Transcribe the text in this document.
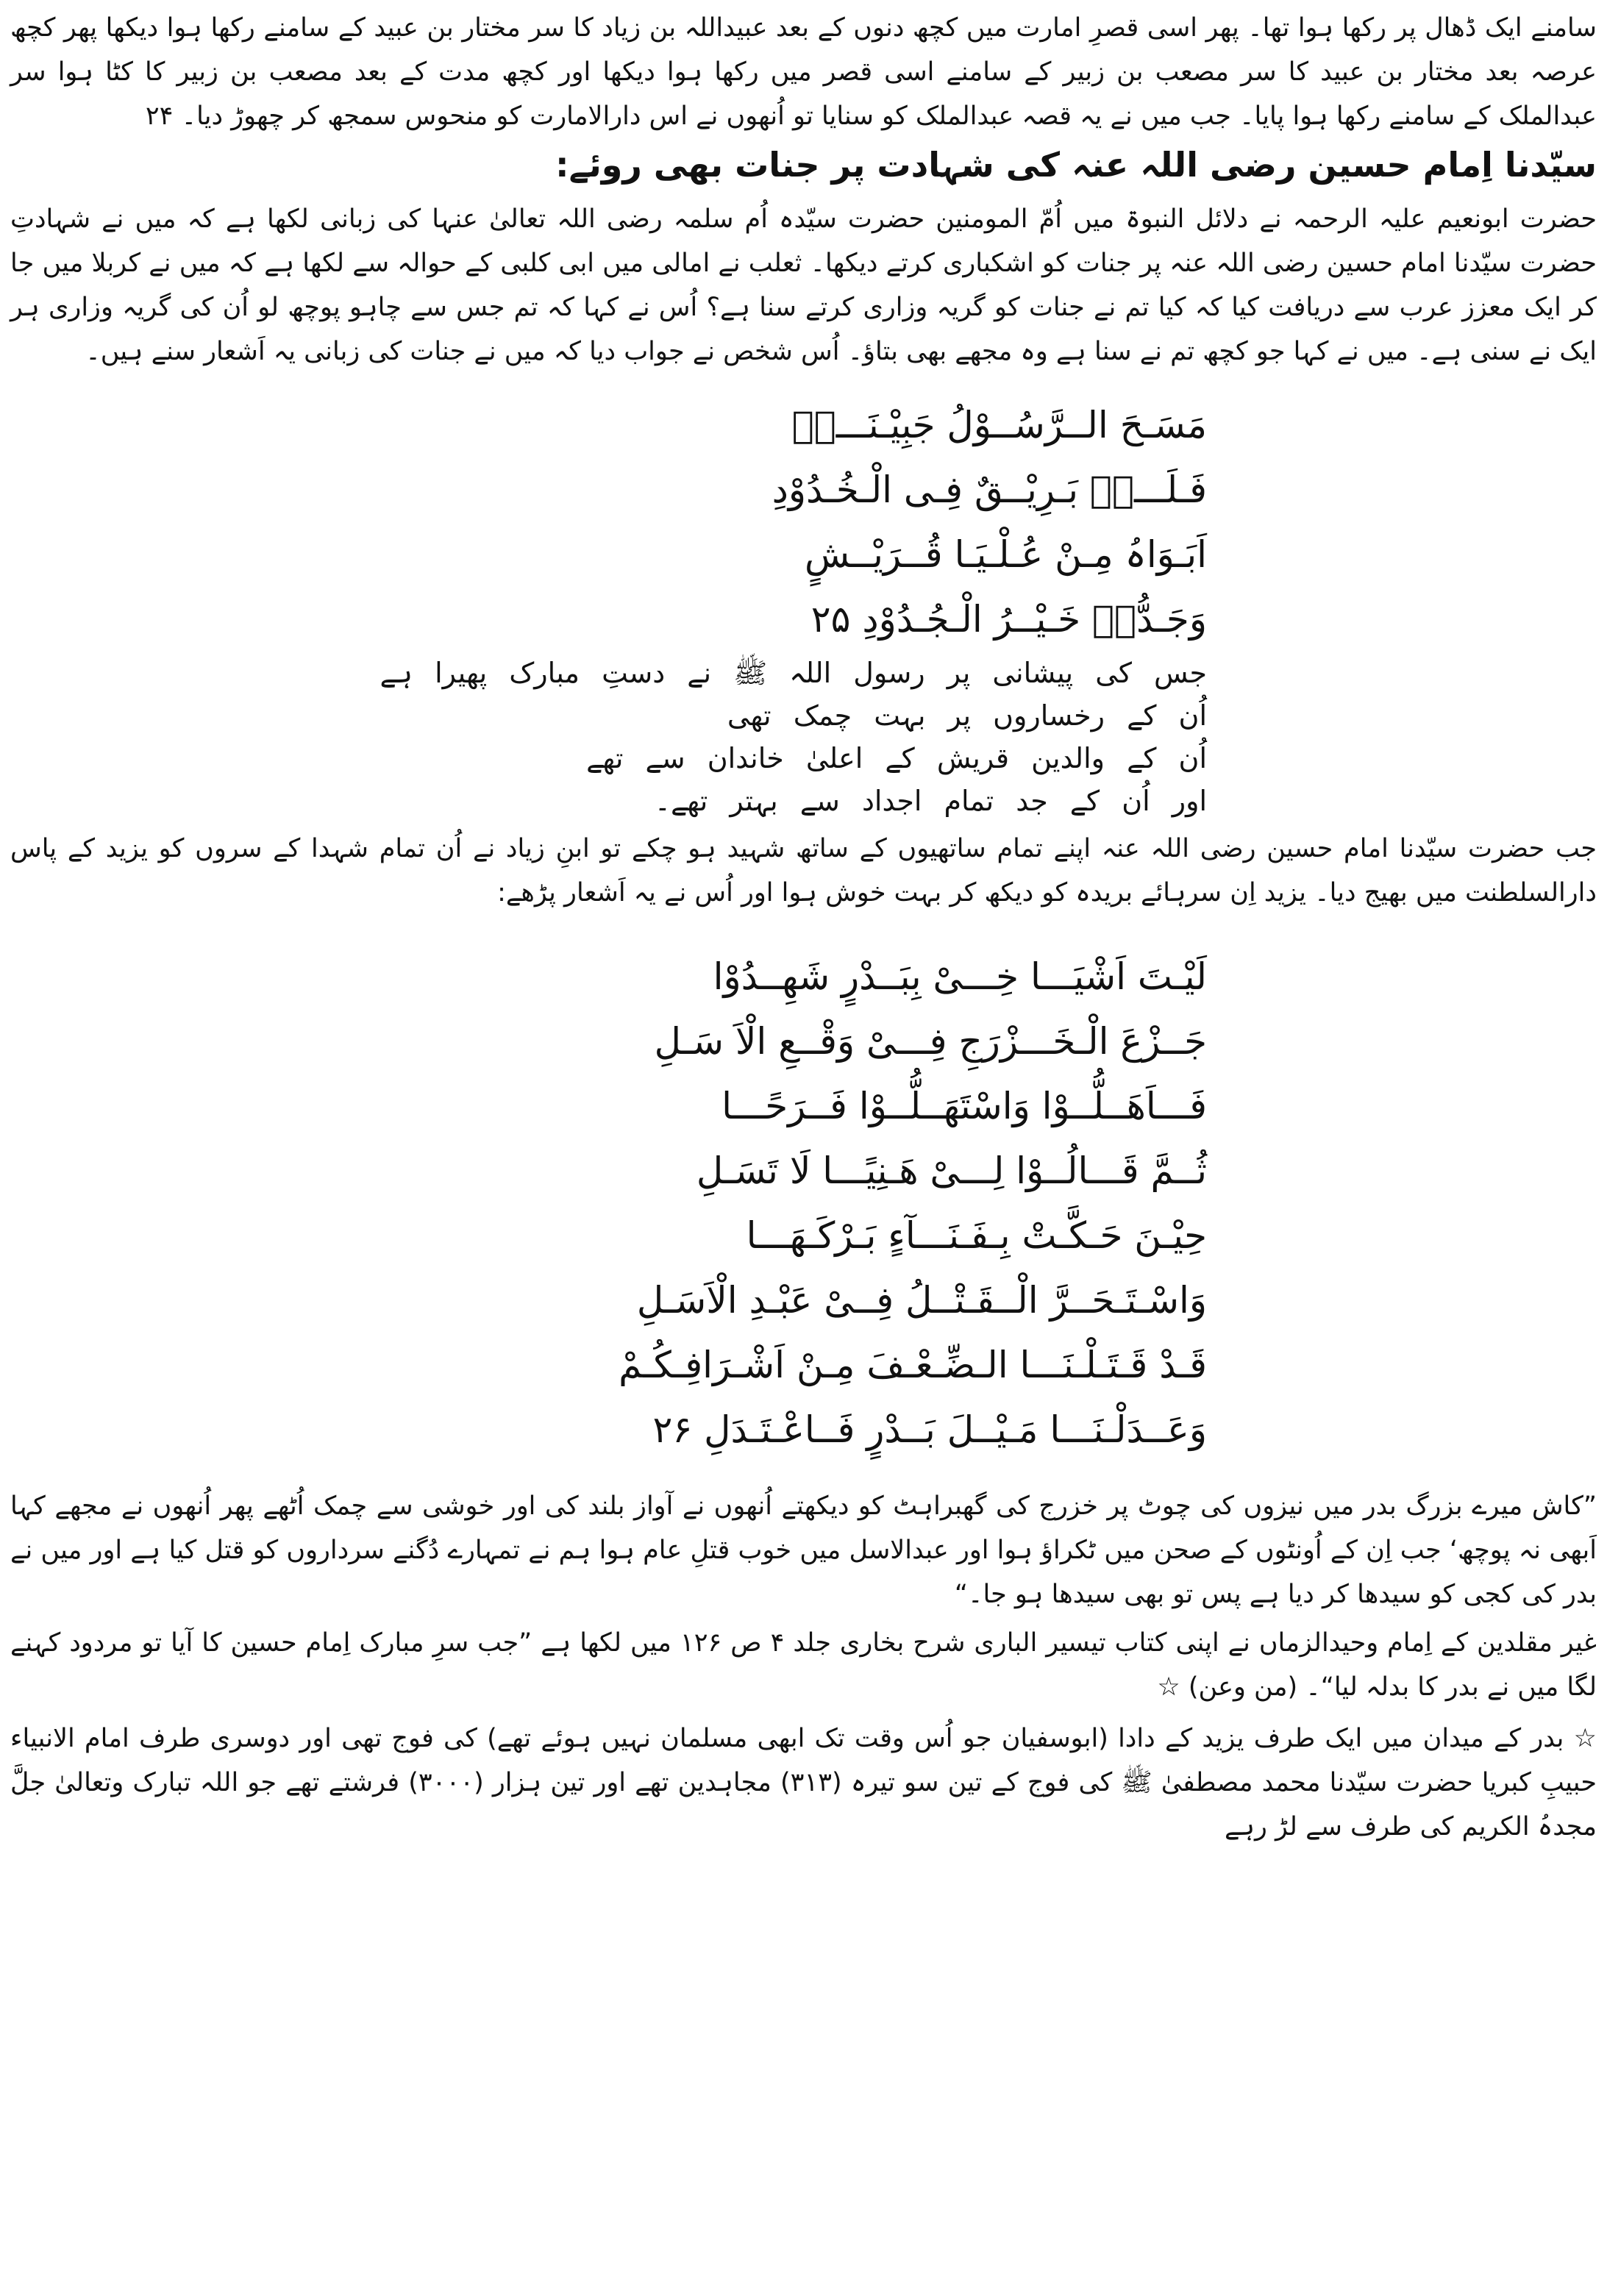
سامنے ایک ڈھال پر رکھا ہوا تھا۔ پھر اسی قصرِ امارت میں کچھ دنوں کے بعد عبیداللہ بن زیاد کا سر مختار بن عبید کے سامنے رکھا ہوا دیکھا پھر کچھ عرصہ بعد مختار بن عبید کا سر مصعب بن زبیر کے سامنے اسی قصر میں رکھا ہوا دیکھا اور کچھ مدت کے بعد مصعب بن زبیر کا کٹا ہوا سر عبدالملک کے سامنے رکھا ہوا پایا۔ جب میں نے یہ قصہ عبدالملک کو سنایا تو اُنھوں نے اس دارالامارت کو منحوس سمجھ کر چھوڑ دیا۔ ۲۴

سیّدنا اِمام حسین رضی اللہ عنہ کی شہادت پر جنات بھی روئے:

حضرت ابونعیم علیہ الرحمہ نے دلائل النبوۃ میں اُمّ المومنین حضرت سیّدہ اُم سلمہ رضی اللہ تعالیٰ عنہا کی زبانی لکھا ہے کہ میں نے شہادتِ حضرت سیّدنا امام حسین رضی اللہ عنہ پر جنات کو اشکباری کرتے دیکھا۔ ثعلب نے امالی میں ابی کلبی کے حوالہ سے لکھا ہے کہ میں نے کربلا میں جا کر ایک معزز عرب سے دریافت کیا کہ کیا تم نے جنات کو گریہ وزاری کرتے سنا ہے؟ اُس نے کہا کہ تم جس سے چاہو پوچھ لو اُن کی گریہ وزاری ہر ایک نے سنی ہے۔ میں نے کہا جو کچھ تم نے سنا ہے وہ مجھے بھی بتاؤ۔ اُس شخص نے جواب دیا کہ میں نے جنات کی زبانی یہ اَشعار سنے ہیں۔

مَسَـحَ الــرَّسُــوْلُ جَبِیْـنَـــہٗ
فَـلَـــہٗ بَـرِیْــقٌ فِـی الْـخُـدُوْدِ
اَبَـوَاہُ مِـنْ عُـلْـیَـا قُــرَیْــشٍ
وَجَـدُّہٗ خَـیْــرُ الْـجُـدُوْدِ ۲۵
جس کی پیشانی پر رسول اللہ ﷺ نے دستِ مبارک پھیرا ہے
اُن کے رخساروں پر بہت چمک تھی
اُن کے والدین قریش کے اعلیٰ خاندان سے تھے
اور اُن کے جد تمام اجداد سے بہتر تھے۔

جب حضرت سیّدنا امام حسین رضی اللہ عنہ اپنے تمام ساتھیوں کے ساتھ شہید ہو چکے تو ابنِ زیاد نے اُن تمام شہدا کے سروں کو یزید کے پاس دارالسلطنت میں بھیج دیا۔ یزید اِن سرہائے بریدہ کو دیکھ کر بہت خوش ہوا اور اُس نے یہ اَشعار پڑھے:

لَیْـتَ اَشْیَـــا خِـــیْ بِبَــدْرٍ شَهِــدُوْا
جَــزْعَ الْـخَـــزْرَجِ فِـــیْ وَقْــعِ الْاَ سَـلِ
فَـــاَهَــلُّــوْا وَاسْتَهَــلُّــوْا فَــرَحًـــا
ثُــمَّ قَـــالُــوْا لِـــیْ هَـنِیًـــا لَا تَسَـلِ
حِیْـنَ حَـکَّـتْ بِـفَـنَـــآءٍ بَـرْکَـهَـــا
وَاسْـتَـحَــرَّ الْــقَـتْــلُ فِــیْ عَبْـدِ الْاَسَـلِ
قَـدْ قَـتَـلْـنَـــا الـضِّـعْـفَ مِـنْ اَشْـرَافِـکُـمْ
وَعَــدَلْـنَـــا مَـیْــلَ بَــدْرٍ فَــاعْـتَـدَلِ ۲۶

”کاش میرے بزرگ بدر میں نیزوں کی چوٹ پر خزرج کی گھبراہٹ کو دیکھتے اُنھوں نے آواز بلند کی اور خوشی سے چمک اُٹھے پھر اُنھوں نے مجھے کہا اَبھی نہ پوچھ‘ جب اِن کے اُونٹوں کے صحن میں ٹکراؤ ہوا اور عبدالاسل میں خوب قتلِ عام ہوا ہم نے تمہارے دُگنے سرداروں کو قتل کیا ہے اور میں نے بدر کی کجی کو سیدھا کر دیا ہے پس تو بھی سیدھا ہو جا۔“

غیر مقلدین کے اِمام وحیدالزماں نے اپنی کتاب تیسیر الباری شرح بخاری جلد ۴ ص ۱۲۶ میں لکھا ہے ”جب سرِ مبارک اِمام حسین کا آیا تو مردود کہنے لگا میں نے بدر کا بدلہ لیا“۔ (من وعن) ☆

☆ بدر کے میدان میں ایک طرف یزید کے دادا (ابوسفیان جو اُس وقت تک ابھی مسلمان نہیں ہوئے تھے) کی فوج تھی اور دوسری طرف امام الانبیاء حبیبِ کبریا حضرت سیّدنا محمد مصطفیٰ ﷺ کی فوج کے تین سو تیرہ (۳۱۳) مجاہدین تھے اور تین ہزار (۳۰۰۰) فرشتے تھے جو اللہ تبارک وتعالیٰ جلَّ مجدہُ الکریم کی طرف سے لڑ رہے
